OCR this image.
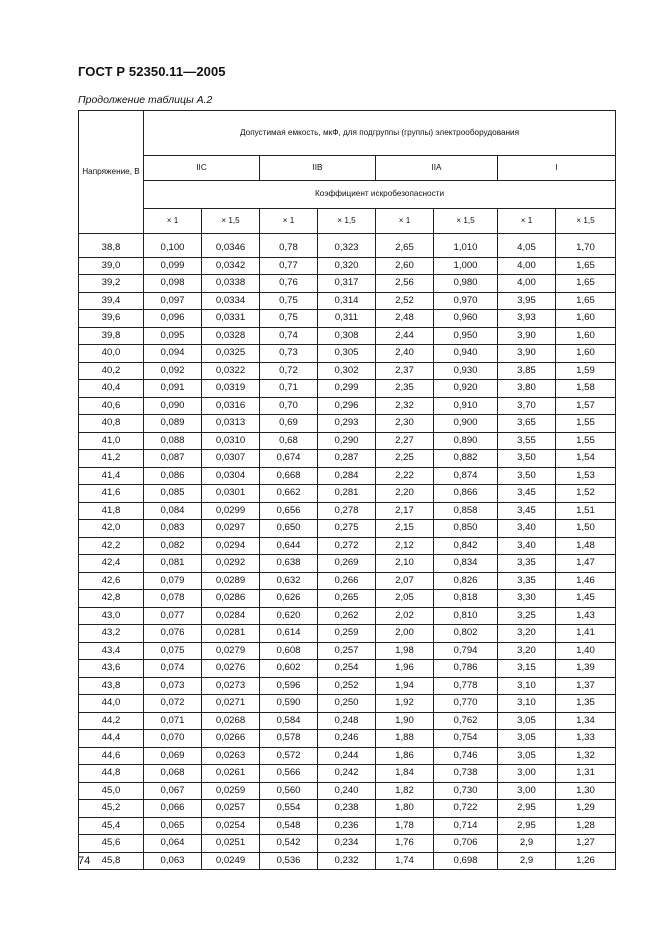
ГОСТ Р 52350.11—2005
Продолжение таблицы А.2
Напряжение, В	Допустимая емкость, мкФ, для подгруппы (группы) электрооборудования							
	IIC		IIB		IIA		I	
	Коэффициент искробезопасности							
	× 1	× 1,5	× 1	× 1,5	× 1	× 1,5	× 1	× 1,5
38,8	0,100	0,0346	0,78	0,323	2,65	1,010	4,05	1,70
39,0	0,099	0,0342	0,77	0,320	2,60	1,000	4,00	1,65
39,2	0,098	0,0338	0,76	0,317	2,56	0,980	4,00	1,65
39,4	0,097	0,0334	0,75	0,314	2,52	0,970	3,95	1,65
39,6	0,096	0,0331	0,75	0,311	2,48	0,960	3,93	1,60
39,8	0,095	0,0328	0,74	0,308	2,44	0,950	3,90	1,60
40,0	0,094	0,0325	0,73	0,305	2,40	0,940	3,90	1,60
40,2	0,092	0,0322	0,72	0,302	2,37	0,930	3,85	1,59
40,4	0,091	0,0319	0,71	0,299	2,35	0,920	3,80	1,58
40,6	0,090	0,0316	0,70	0,296	2,32	0,910	3,70	1,57
40,8	0,089	0,0313	0,69	0,293	2,30	0,900	3,65	1,55
41,0	0,088	0,0310	0,68	0,290	2,27	0,890	3,55	1,55
41,2	0,087	0,0307	0,674	0,287	2,25	0,882	3,50	1,54
41,4	0,086	0,0304	0,668	0,284	2,22	0,874	3,50	1,53
41,6	0,085	0,0301	0,662	0,281	2,20	0,866	3,45	1,52
41,8	0,084	0,0299	0,656	0,278	2,17	0,858	3,45	1,51
42,0	0,083	0,0297	0,650	0,275	2,15	0,850	3,40	1,50
42,2	0,082	0,0294	0,644	0,272	2,12	0,842	3,40	1,48
42,4	0,081	0,0292	0,638	0,269	2,10	0,834	3,35	1,47
42,6	0,079	0,0289	0,632	0,266	2,07	0,826	3,35	1,46
42,8	0,078	0,0286	0,626	0,265	2,05	0,818	3,30	1,45
43,0	0,077	0,0284	0,620	0,262	2,02	0,810	3,25	1,43
43,2	0,076	0,0281	0,614	0,259	2,00	0,802	3,20	1,41
43,4	0,075	0,0279	0,608	0,257	1,98	0,794	3,20	1,40
43,6	0,074	0,0276	0,602	0,254	1,96	0,786	3,15	1,39
43,8	0,073	0,0273	0,596	0,252	1,94	0,778	3,10	1,37
44,0	0,072	0,0271	0,590	0,250	1,92	0,770	3,10	1,35
44,2	0,071	0,0268	0,584	0,248	1,90	0,762	3,05	1,34
44,4	0,070	0,0266	0,578	0,246	1,88	0,754	3,05	1,33
44,6	0,069	0,0263	0,572	0,244	1,86	0,746	3,05	1,32
44,8	0,068	0,0261	0,566	0,242	1,84	0,738	3,00	1,31
45,0	0,067	0,0259	0,560	0,240	1,82	0,730	3,00	1,30
45,2	0,066	0,0257	0,554	0,238	1,80	0,722	2,95	1,29
45,4	0,065	0,0254	0,548	0,236	1,78	0,714	2,95	1,28
45,6	0,064	0,0251	0,542	0,234	1,76	0,706	2,9	1,27
45,8	0,063	0,0249	0,536	0,232	1,74	0,698	2,9	1,26
74
